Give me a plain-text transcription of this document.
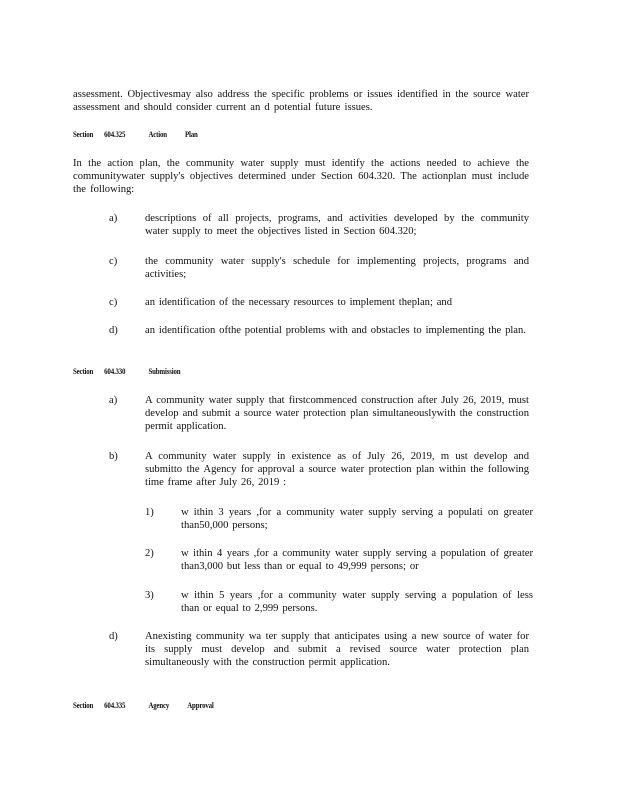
assessment. Objectivesmay also address the specific problems or issues identified in the source water assessment and should consider current an d potential future issues.
Section 604.325	Action Plan
In the action plan, the community water supply must identify the actions needed to achieve the communitywater supply's objectives determined under Section 604.320. The actionplan must include the following:
a)	descriptions of all projects, programs, and activities developed by the community water supply to meet the objectives listed in Section 604.320;
c)	the community water supply's schedule for implementing projects, programs and activities;
c)	an identification of the necessary resources to implement theplan; and
d)	an identification ofthe potential problems with and obstacles to implementing the plan.
Section 604.330	Submission
a)	A community water supply that firstcommenced construction after July 26, 2019, must develop and submit a source water protection plan simultaneouslywith the construction permit application.
b)	A community water supply in existence as of July 26, 2019, m ust develop and submitto the Agency for approval a source water protection plan within the following time frame after July 26, 2019 :
1)	w ithin 3 years ,for a community water supply serving a populati on greater than50,000 persons;
2)	w ithin 4 years ,for a community water supply serving a population of greater than3,000 but less than or equal to 49,999 persons; or
3)	w ithin 5 years ,for a community water supply serving a population of less than or equal to 2,999 persons.
d)	Anexisting community wa ter supply that anticipates using a new source of water for its supply must develop and submit a revised source water protection plan simultaneously with the construction permit application.
Section 604.335	Agency Approval
